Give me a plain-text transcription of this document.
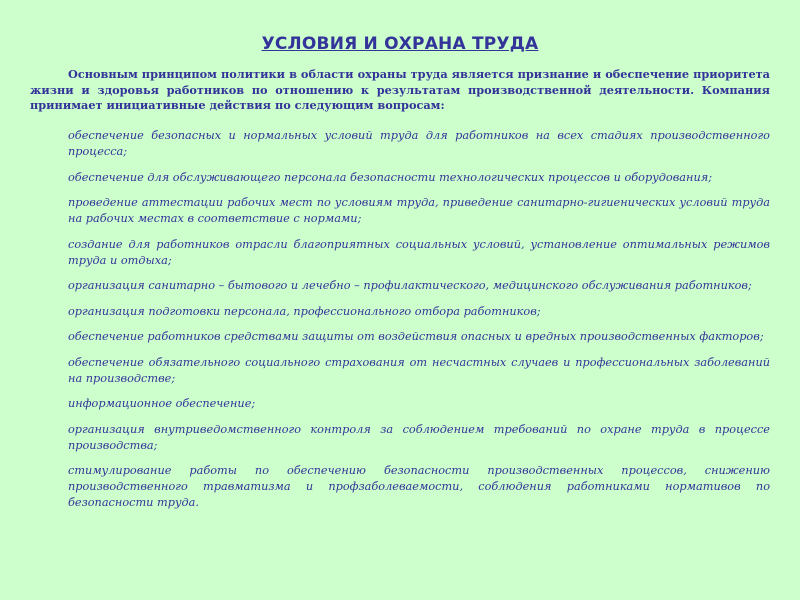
УСЛОВИЯ И ОХРАНА ТРУДА
Основным принципом политики в области охраны труда является признание и обеспечение приоритета жизни и здоровья работников по отношению к результатам производственной деятельности. Компания принимает инициативные действия по следующим вопросам:
обеспечение безопасных и нормальных условий труда для работников на всех стадиях производственного процесса;
обеспечение для обслуживающего персонала безопасности технологических процессов и оборудования;
проведение аттестации рабочих мест по условиям труда, приведение санитарно-гигиенических условий труда на рабочих местах в соответствие с нормами;
создание для работников отрасли благоприятных социальных условий, установление оптимальных режимов труда и отдыха;
организация санитарно – бытового и лечебно – профилактического, медицинского обслуживания работников;
организация подготовки персонала, профессионального отбора работников;
обеспечение работников средствами защиты от воздействия опасных и вредных производственных факторов;
обеспечение обязательного социального страхования от несчастных случаев и профессиональных заболеваний на производстве;
информационное обеспечение;
организация внутриведомственного контроля за соблюдением требований по охране труда в процессе производства;
стимулирование работы по обеспечению безопасности производственных процессов, снижению производственного травматизма и профзаболеваемости, соблюдения работниками нормативов по безопасности труда.
